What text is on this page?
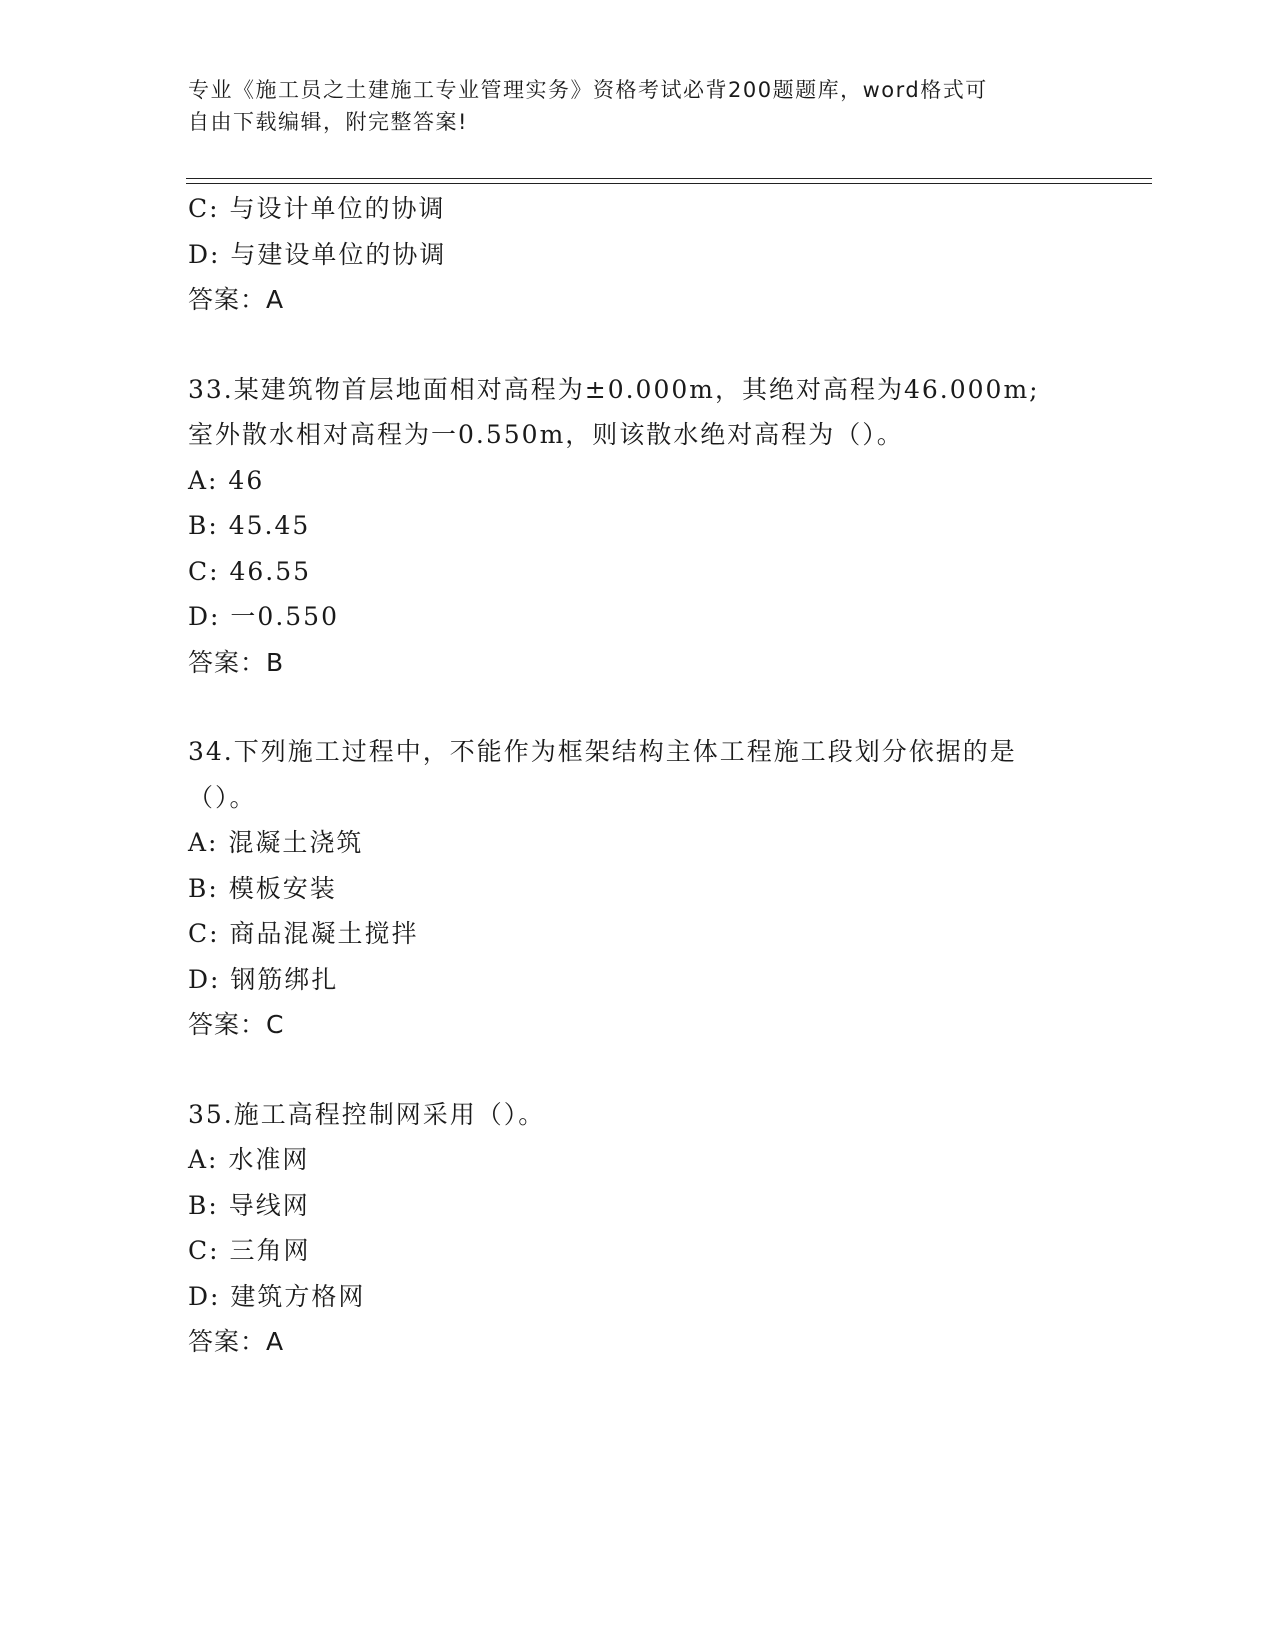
专业《施工员之土建施工专业管理实务》资格考试必背200题题库，word格式可
自由下载编辑，附完整答案!
C: 与设计单位的协调
D: 与建设单位的协调
答案：A
33.某建筑物首层地面相对高程为±0.000m，其绝对高程为46.000m;
室外散水相对高程为一0.550m，则该散水绝对高程为（）。
A: 46
B: 45.45
C: 46.55
D: 一0.550
答案：B
34.下列施工过程中，不能作为框架结构主体工程施工段划分依据的是
（）。
A: 混凝土浇筑
B: 模板安装
C: 商品混凝土搅拌
D: 钢筋绑扎
答案：C
35.施工高程控制网采用（）。
A: 水准网
B: 导线网
C: 三角网
D: 建筑方格网
答案：A
